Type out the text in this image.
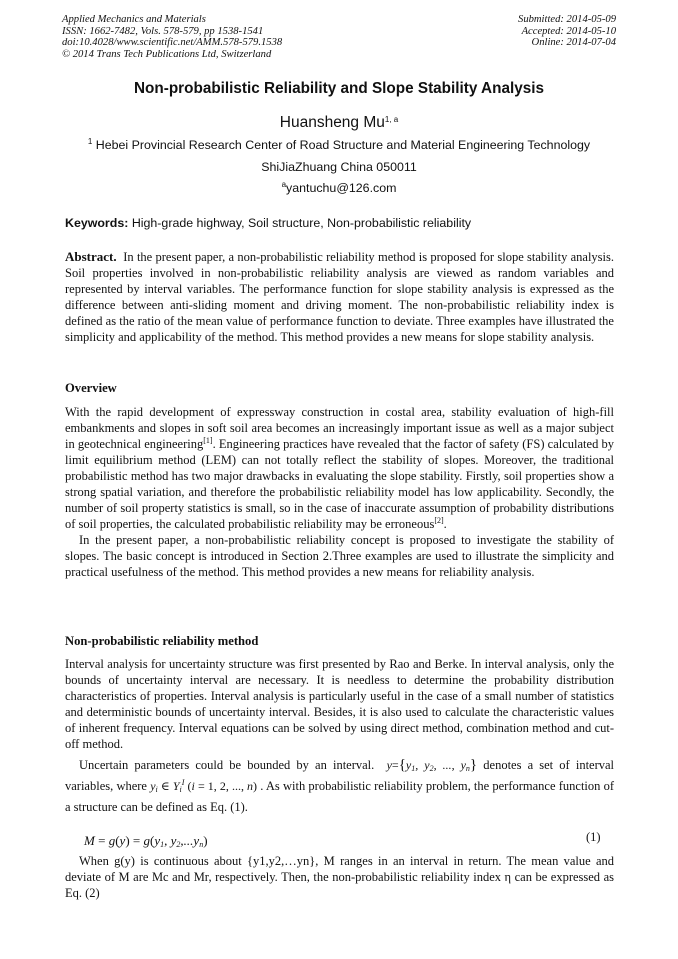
Applied Mechanics and Materials
ISSN: 1662-7482, Vols. 578-579, pp 1538-1541
doi:10.4028/www.scientific.net/AMM.578-579.1538
© 2014 Trans Tech Publications Ltd, Switzerland
Submitted: 2014-05-09
Accepted: 2014-05-10
Online: 2014-07-04
Non-probabilistic Reliability and Slope Stability Analysis
Huansheng Mu$^{1, a}$
$^1$ Hebei Provincial Research Center of Road Structure and Material Engineering Technology
ShiJiaZhuang China 050011
$^a$yantuchu@126.com
Keywords: High-grade highway, Soil structure, Non-probabilistic reliability
Abstract. In the present paper, a non-probabilistic reliability method is proposed for slope stability analysis. Soil properties involved in non-probabilistic reliability analysis are viewed as random variables and represented by interval variables. The performance function for slope stability analysis is expressed as the difference between anti-sliding moment and driving moment. The non-probabilistic reliability index is defined as the ratio of the mean value of performance function to deviate. Three examples have illustrated the simplicity and applicability of the method. This method provides a new means for slope stability analysis.
Overview
With the rapid development of expressway construction in costal area, stability evaluation of high-fill embankments and slopes in soft soil area becomes an increasingly important issue as well as a major subject in geotechnical engineering[1]. Engineering practices have revealed that the factor of safety (FS) calculated by limit equilibrium method (LEM) can not totally reflect the stability of slopes. Moreover, the traditional probabilistic method has two major drawbacks in evaluating the slope stability. Firstly, soil properties show a strong spatial variation, and therefore the probabilistic reliability model has low applicability. Secondly, the number of soil property statistics is small, so in the case of inaccurate assumption of probability distributions of soil properties, the calculated probabilistic reliability may be erroneous[2].
In the present paper, a non-probabilistic reliability concept is proposed to investigate the stability of slopes. The basic concept is introduced in Section 2.Three examples are used to illustrate the simplicity and practical usefulness of the method. This method provides a new means for reliability analysis.
Non-probabilistic reliability method
Interval analysis for uncertainty structure was first presented by Rao and Berke. In interval analysis, only the bounds of uncertainty interval are necessary. It is needless to determine the probability distribution characteristics of properties. Interval analysis is particularly useful in the case of a small number of statistics and deterministic bounds of uncertainty interval. Besides, it is also used to calculate the characteristic values of inherent frequency. Interval equations can be solved by using direct method, combination method and cut-off method.
Uncertain parameters could be bounded by an interval. $y=\{y_1$, $y_2$, ..., $y_n$} denotes a set of interval variables, where $y_i$ ∈ $Y_i^I$ (i = 1, 2, ..., n) . As with probabilistic reliability problem, the performance function of a structure can be defined as Eq. (1).
$M = g(y) = g(y_1$, $y_2,...y_n$)	(1)
When g(y) is continuous about {y1,y2,…yn}, M ranges in an interval in return. The mean value and deviate of M are Mc and Mr, respectively. Then, the non-probabilistic reliability index η can be expressed as Eq. (2)
